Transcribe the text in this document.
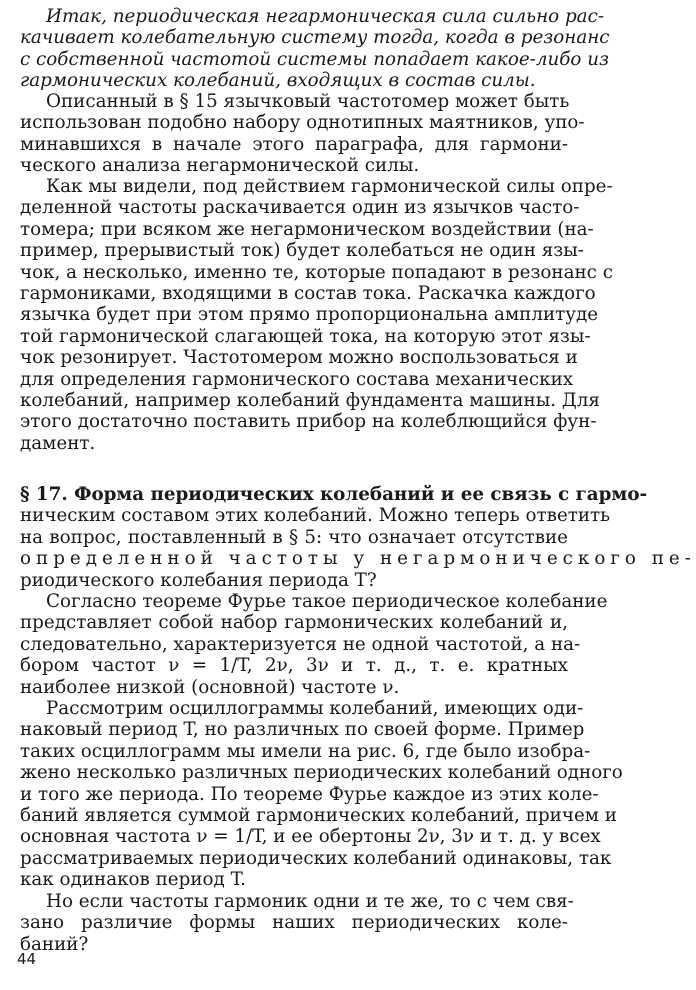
Итак, периодическая негармоническая сила сильно рас-
качивает колебательную систему тогда, когда в резонанс
с собственной частотой системы попадает какое-либо из
гармонических колебаний, входящих в состав силы.
Описанный в § 15 язычковый частотомер может быть
использован подобно набору однотипных маятников, упо-
минавшихся в начале этого параграфа, для гармони-
ческого анализа негармонической силы.
Как мы видели, под действием гармонической силы опре-
деленной частоты раскачивается один из язычков часто-
томера; при всяком же негармоническом воздействии (на-
пример, прерывистый ток) будет колебаться не один язы-
чок, а несколько, именно те, которые попадают в резонанс с
гармониками, входящими в состав тока. Раскачка каждого
язычка будет при этом прямо пропорциональна амплитуде
той гармонической слагающей тока, на которую этот язы-
чок резонирует. Частотомером можно воспользоваться и
для определения гармонического состава механических
колебаний, например колебаний фундамента машины. Для
этого достаточно поставить прибор на колеблющийся фун-
дамент.
§ 17. Форма периодических колебаний и ее связь с гармо-
ническим составом этих колебаний. Можно теперь ответить
на вопрос, поставленный в § 5: что означает отсутствие
определенной частоты у негармонического пе-
риодического колебания периода T?
Согласно теореме Фурье такое периодическое колебание
представляет собой набор гармонических колебаний и,
следовательно, характеризуется не одной частотой, а на-
бором частот ν = 1/T, 2ν, 3ν и т. д., т. е. кратных
наиболее низкой (основной) частоте ν.
Рассмотрим осциллограммы колебаний, имеющих оди-
наковый период T, но различных по своей форме. Пример
таких осциллограмм мы имели на рис. 6, где было изобра-
жено несколько различных периодических колебаний одного
и того же периода. По теореме Фурье каждое из этих коле-
баний является суммой гармонических колебаний, причем и
основная частота ν = 1/T, и ее обертоны 2ν, 3ν и т. д. у всех
рассматриваемых периодических колебаний одинаковы, так
как одинаков период T.
Но если частоты гармоник одни и те же, то с чем свя-
зано различие формы наших периодических коле-
баний?
44
